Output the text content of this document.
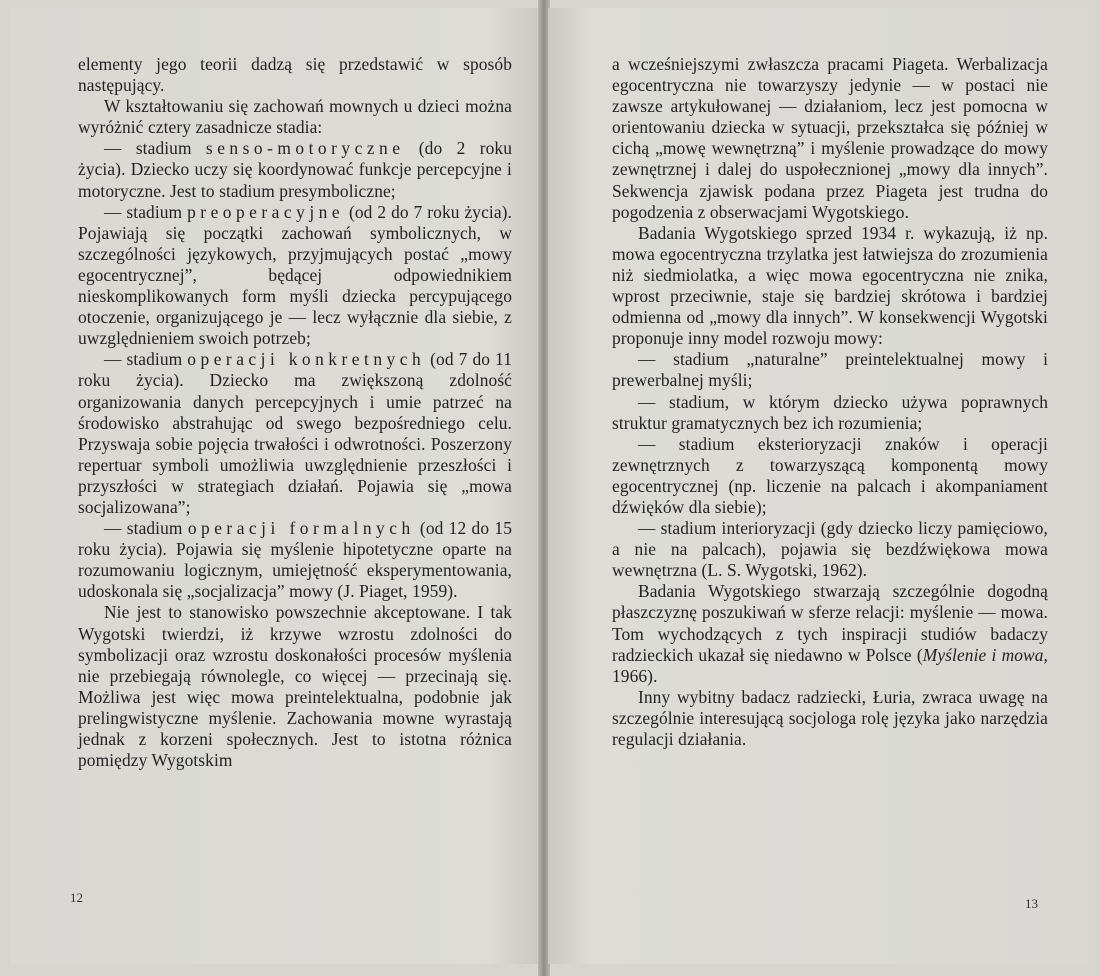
elementy jego teorii dadzą się przedstawić w sposób następujący.

W kształtowaniu się zachowań mownych u dzieci można wyróżnić cztery zasadnicze stadia:

— stadium senso-motoryczne (do 2 roku życia). Dziecko uczy się koordynować funkcje percepcyjne i motoryczne. Jest to stadium presymboliczne;

— stadium preoperacyjne (od 2 do 7 roku życia). Pojawiają się początki zachowań symbolicznych, w szczególności językowych, przyjmujących postać „mowy egocentrycznej”, będącej odpowiednikiem nieskomplikowanych form myśli dziecka percypującego otoczenie, organizującego je — lecz wyłącznie dla siebie, z uwzględnieniem swoich potrzeb;

— stadium operacji konkretnych (od 7 do 11 roku życia). Dziecko ma zwiększoną zdolność organizowania danych percepcyjnych i umie patrzeć na środowisko abstrahując od swego bezpośredniego celu. Przyswaja sobie pojęcia trwałości i odwrotności. Poszerzony repertuar symboli umożliwia uwzględnienie przeszłości i przyszłości w strategiach działań. Pojawia się „mowa socjalizowana”;

— stadium operacji formalnych (od 12 do 15 roku życia). Pojawia się myślenie hipotetyczne oparte na rozumowaniu logicznym, umiejętność eksperymentowania, udoskonala się „socjalizacja” mowy (J. Piaget, 1959).

Nie jest to stanowisko powszechnie akceptowane. I tak Wygotski twierdzi, iż krzywe wzrostu zdolności do symbolizacji oraz wzrostu doskonałości procesów myślenia nie przebiegają równolegle, co więcej — przecinają się. Możliwa jest więc mowa preintelektualna, podobnie jak prelingwistyczne myślenie. Zachowania mowne wyrastają jednak z korzeni społecznych. Jest to istotna różnica pomiędzy Wygotskim

12

a wcześniejszymi zwłaszcza pracami Piageta. Werbalizacja egocentryczna nie towarzyszy jedynie — w postaci nie zawsze artykułowanej — działaniom, lecz jest pomocna w orientowaniu dziecka w sytuacji, przekształca się później w cichą „mowę wewnętrzną” i myślenie prowadzące do mowy zewnętrznej i dalej do uspołecznionej „mowy dla innych”. Sekwencja zjawisk podana przez Piageta jest trudna do pogodzenia z obserwacjami Wygotskiego.

Badania Wygotskiego sprzed 1934 r. wykazują, iż np. mowa egocentryczna trzylatka jest łatwiejsza do zrozumienia niż siedmiolatka, a więc mowa egocentryczna nie znika, wprost przeciwnie, staje się bardziej skrótowa i bardziej odmienna od „mowy dla innych”. W konsekwencji Wygotski proponuje inny model rozwoju mowy:

— stadium „naturalne” preintelektualnej mowy i prewerbalnej myśli;

— stadium, w którym dziecko używa poprawnych struktur gramatycznych bez ich rozumienia;

— stadium eksterioryzacji znaków i operacji zewnętrznych z towarzyszącą komponentą mowy egocentrycznej (np. liczenie na palcach i akompaniament dźwięków dla siebie);

— stadium interioryzacji (gdy dziecko liczy pamięciowo, a nie na palcach), pojawia się bezdźwiękowa mowa wewnętrzna (L. S. Wygotski, 1962).

Badania Wygotskiego stwarzają szczególnie dogodną płaszczyznę poszukiwań w sferze relacji: myślenie — mowa. Tom wychodzących z tych inspiracji studiów badaczy radzieckich ukazał się niedawno w Polsce (Myślenie i mowa, 1966).

Inny wybitny badacz radziecki, Łuria, zwraca uwagę na szczególnie interesującą socjologa rolę języka jako narzędzia regulacji działania.

13
